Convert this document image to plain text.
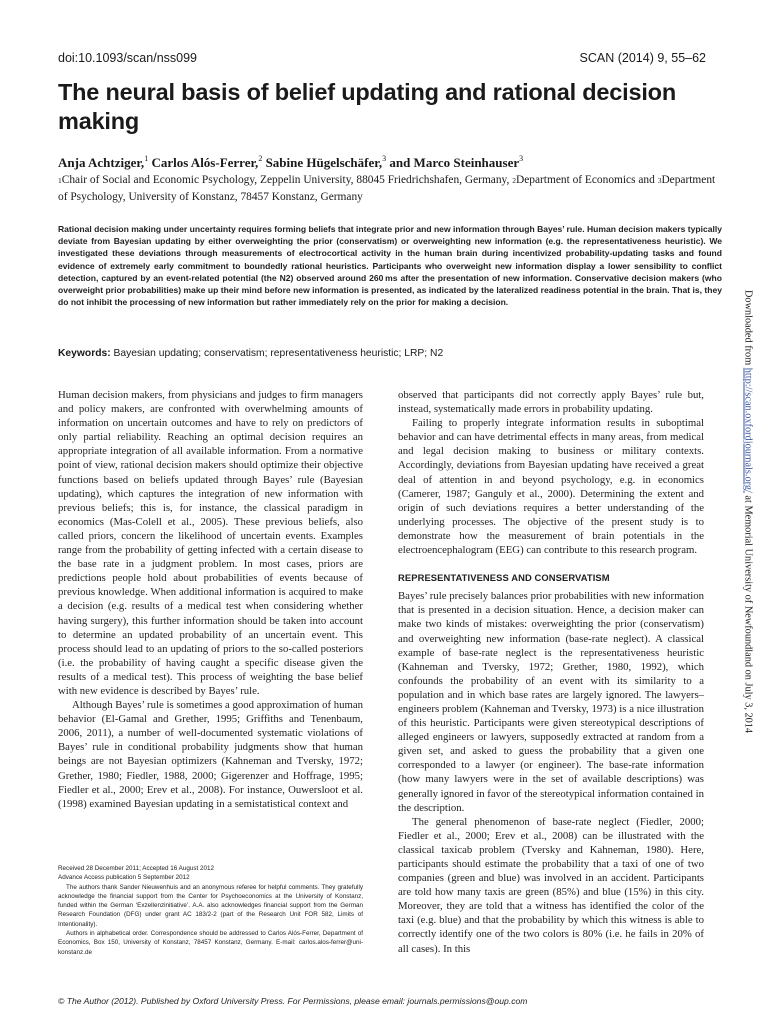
doi:10.1093/scan/nss099	SCAN (2014) 9, 55–62
The neural basis of belief updating and rational decision making
Anja Achtziger,$^1$ Carlos Alós-Ferrer,$^2$ Sabine Hügelschäfer,$^3$ and Marco Steinhauser$^3$
$^1$Chair of Social and Economic Psychology, Zeppelin University, 88045 Friedrichshafen, Germany, $^2$Department of Economics and $^3$Department of Psychology, University of Konstanz, 78457 Konstanz, Germany
Rational decision making under uncertainty requires forming beliefs that integrate prior and new information through Bayes’ rule. Human decision makers typically deviate from Bayesian updating by either overweighting the prior (conservatism) or overweighting new information (e.g. the representativeness heuristic). We investigated these deviations through measurements of electrocortical activity in the human brain during incentivized probability-updating tasks and found evidence of extremely early commitment to boundedly rational heuristics. Participants who overweight new information display a lower sensibility to conflict detection, captured by an event-related potential (the N2) observed around 260 ms after the presentation of new information. Conservative decision makers (who overweight prior probabilities) make up their mind before new information is presented, as indicated by the lateralized readiness potential in the brain. That is, they do not inhibit the processing of new information but rather immediately rely on the prior for making a decision.
Keywords: Bayesian updating; conservatism; representativeness heuristic; LRP; N2

Human decision makers, from physicians and judges to firm managers and policy makers, are confronted with overwhelming amounts of information on uncertain outcomes and have to rely on predictors of only partial reliability. Reaching an optimal decision requires an appropriate integration of all available information. From a normative point of view, rational decision makers should optimize their objective functions based on beliefs updated through Bayes’ rule (Bayesian updating), which captures the integration of new information with previous beliefs; this is, for instance, the classical paradigm in economics (Mas-Colell et al., 2005). These previous beliefs, also called priors, concern the likelihood of uncertain events. Examples range from the probability of getting infected with a certain disease to the base rate in a judgment problem. In most cases, priors are predictions people hold about probabilities of events because of previous knowledge. When additional information is acquired to make a decision (e.g. results of a medical test when considering whether having surgery), this further information should be taken into account to determine an updated probability of an uncertain event. This process should lead to an updating of priors to the so-called posteriors (i.e. the probability of having caught a specific disease given the results of a medical test). This process of weighting the base belief with new evidence is described by Bayes’ rule.

Although Bayes’ rule is sometimes a good approximation of human behavior (El-Gamal and Grether, 1995; Griffiths and Tenenbaum, 2006, 2011), a number of well-documented systematic violations of Bayes’ rule in conditional probability judgments show that human beings are not Bayesian optimizers (Kahneman and Tversky, 1972; Grether, 1980; Fiedler, 1988, 2000; Gigerenzer and Hoffrage, 1995; Fiedler et al., 2000; Erev et al., 2008). For instance, Ouwersloot et al. (1998) examined Bayesian updating in a semistatistical context and

observed that participants did not correctly apply Bayes’ rule but, instead, systematically made errors in probability updating.

Failing to properly integrate information results in suboptimal behavior and can have detrimental effects in many areas, from medical and legal decision making to business or military contexts. Accordingly, deviations from Bayesian updating have received a great deal of attention in and beyond psychology, e.g. in economics (Camerer, 1987; Ganguly et al., 2000). Determining the extent and origin of such deviations requires a better understanding of the underlying processes. The objective of the present study is to demonstrate how the measurement of brain potentials in the electroencephalogram (EEG) can contribute to this research program.

REPRESENTATIVENESS AND CONSERVATISM

Bayes’ rule precisely balances prior probabilities with new information that is presented in a decision situation. Hence, a decision maker can make two kinds of mistakes: overweighting the prior (conservatism) and overweighting new information (base-rate neglect). A classical example of base-rate neglect is the representativeness heuristic (Kahneman and Tversky, 1972; Grether, 1980, 1992), which confounds the probability of an event with its similarity to a population and in which base rates are largely ignored. The lawyers–engineers problem (Kahneman and Tversky, 1973) is a nice illustration of this heuristic. Participants were given stereotypical descriptions of alleged engineers or lawyers, supposedly extracted at random from a given set, and asked to guess the probability that a given one corresponded to a lawyer (or engineer). The base-rate information (how many lawyers were in the set of available descriptions) was generally ignored in favor of the stereotypical information contained in the description.

The general phenomenon of base-rate neglect (Fiedler, 2000; Fiedler et al., 2000; Erev et al., 2008) can be illustrated with the classical taxicab problem (Tversky and Kahneman, 1980). Here, participants should estimate the probability that a taxi of one of two companies (green and blue) was involved in an accident. Participants are told how many taxis are green (85%) and blue (15%) in this city. Moreover, they are told that a witness has identified the color of the taxi (e.g. blue) and that the probability by which this witness is able to correctly identify one of the two colors is 80% (i.e. he fails in 20% of all cases). In this

Received 28 December 2011; Accepted 16 August 2012

Advance Access publication 5 September 2012

The authors thank Sander Nieuwenhuis and an anonymous referee for helpful comments. They gratefully acknowledge the financial support from the Center for Psychoeconomics at the University of Konstanz, funded within the German ‘Exzellenzinitiative’. A.A. also acknowledges financial support from the German Research Foundation (DFG) under grant AC 183/2-2 (part of the Research Unit FOR 582, Limits of Intentionality).

Authors in alphabetical order. Correspondence should be addressed to Carlos Alós-Ferrer, Department of Economics, Box 150, University of Konstanz, 78457 Konstanz, Germany. E-mail: carlos.alos-ferrer@uni-konstanz.de

© The Author (2012). Published by Oxford University Press. For Permissions, please email: journals.permissions@oup.com
Downloaded from http://scan.oxfordjournals.org/ at Memorial University of Newfoundland on July 3, 2014
